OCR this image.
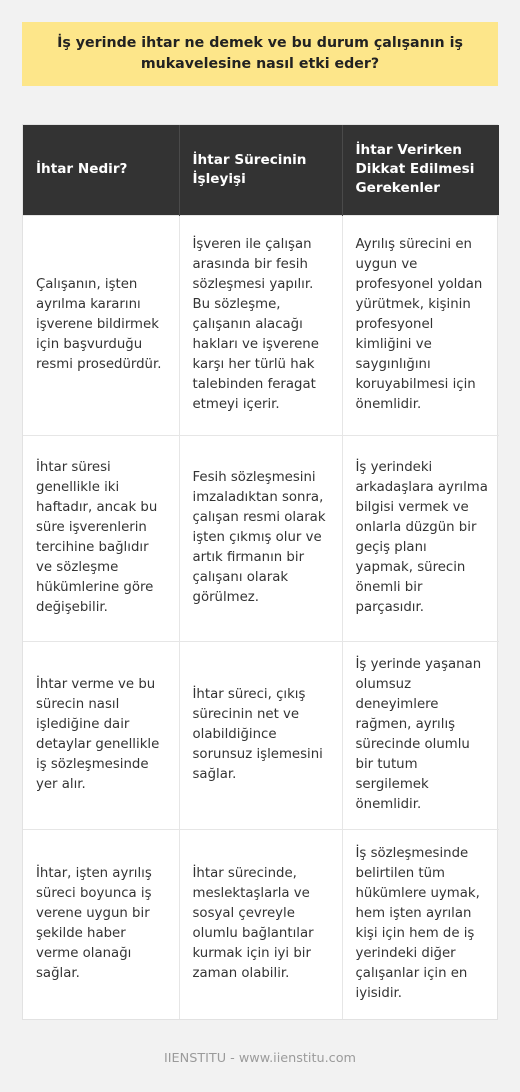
İş yerinde ihtar ne demek ve bu durum çalışanın iş mukavelesine nasıl etki eder?
İhtar Nedir?	İhtar Sürecinin İşleyişi	İhtar Verirken Dikkat Edilmesi Gerekenler
Çalışanın, işten ayrılma kararını işverene bildirmek için başvurduğu resmi prosedürdür.	İşveren ile çalışan arasında bir fesih sözleşmesi yapılır. Bu sözleşme, çalışanın alacağı hakları ve işverene karşı her türlü hak talebinden feragat etmeyi içerir.	Ayrılış sürecini en uygun ve profesyonel yoldan yürütmek, kişinin profesyonel kimliğini ve saygınlığını koruyabilmesi için önemlidir.
İhtar süresi genellikle iki haftadır, ancak bu süre işverenlerin tercihine bağlıdır ve sözleşme hükümlerine göre değişebilir.	Fesih sözleşmesini imzaladıktan sonra, çalışan resmi olarak işten çıkmış olur ve artık firmanın bir çalışanı olarak görülmez.	İş yerindeki arkadaşlara ayrılma bilgisi vermek ve onlarla düzgün bir geçiş planı yapmak, sürecin önemli bir parçasıdır.
İhtar verme ve bu sürecin nasıl işlediğine dair detaylar genellikle iş sözleşmesinde yer alır.	İhtar süreci, çıkış sürecinin net ve olabildiğince sorunsuz işlemesini sağlar.	İş yerinde yaşanan olumsuz deneyimlere rağmen, ayrılış sürecinde olumlu bir tutum sergilemek önemlidir.
İhtar, işten ayrılış süreci boyunca iş verene uygun bir şekilde haber verme olanağı sağlar.	İhtar sürecinde, meslektaşlarla ve sosyal çevreyle olumlu bağlantılar kurmak için iyi bir zaman olabilir.	İş sözleşmesinde belirtilen tüm hükümlere uymak, hem işten ayrılan kişi için hem de iş yerindeki diğer çalışanlar için en iyisidir.
IIENSTITU - www.iienstitu.com
